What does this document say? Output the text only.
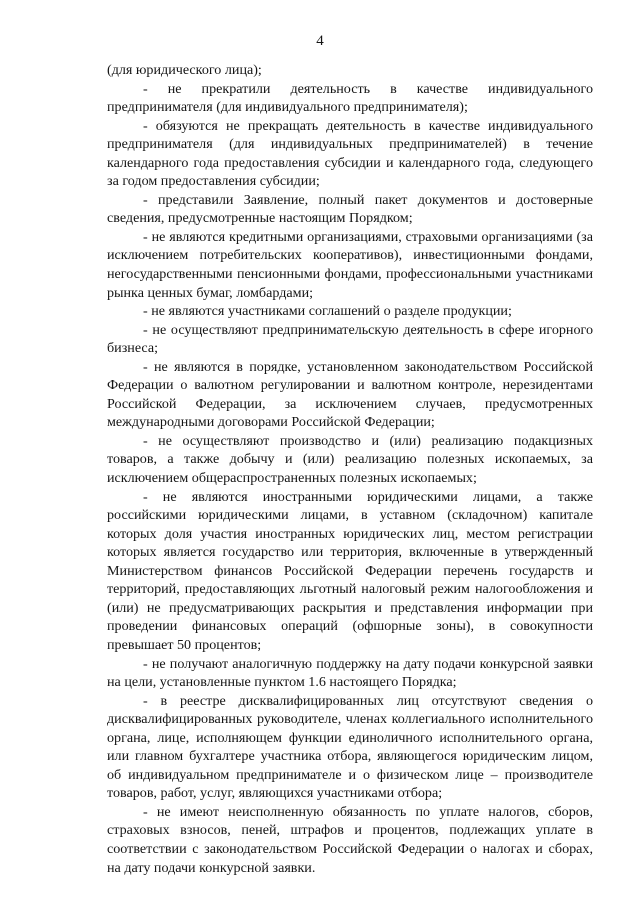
4

(для юридического лица);

- не прекратили деятельность в качестве индивидуального предпринимателя (для индивидуального предпринимателя);

- обязуются не прекращать деятельность в качестве индивидуального предпринимателя (для индивидуальных предпринимателей) в течение календарного года предоставления субсидии и календарного года, следующего за годом предоставления субсидии;

- представили Заявление, полный пакет документов и достоверные сведения, предусмотренные настоящим Порядком;

- не являются кредитными организациями, страховыми организациями (за исключением потребительских кооперативов), инвестиционными фондами, негосударственными пенсионными фондами, профессиональными участниками рынка ценных бумаг, ломбардами;

- не являются участниками соглашений о разделе продукции;

- не осуществляют предпринимательскую деятельность в сфере игорного бизнеса;

- не являются в порядке, установленном законодательством Российской Федерации о валютном регулировании и валютном контроле, нерезидентами Российской Федерации, за исключением случаев, предусмотренных международными договорами Российской Федерации;

- не осуществляют производство и (или) реализацию подакцизных товаров, а также добычу и (или) реализацию полезных ископаемых, за исключением общераспространенных полезных ископаемых;

- не являются иностранными юридическими лицами, а также российскими юридическими лицами, в уставном (складочном) капитале которых доля участия иностранных юридических лиц, местом регистрации которых является государство или территория, включенные в утвержденный Министерством финансов Российской Федерации перечень государств и территорий, предоставляющих льготный налоговый режим налогообложения и (или) не предусматривающих раскрытия и представления информации при проведении финансовых операций (офшорные зоны), в совокупности превышает 50 процентов;

- не получают аналогичную поддержку на дату подачи конкурсной заявки на цели, установленные пунктом 1.6 настоящего Порядка;

- в реестре дисквалифицированных лиц отсутствуют сведения о дисквалифицированных руководителе, членах коллегиального исполнительного органа, лице, исполняющем функции единоличного исполнительного органа, или главном бухгалтере участника отбора, являющегося юридическим лицом, об индивидуальном предпринимателе и о физическом лице – производителе товаров, работ, услуг, являющихся участниками отбора;

- не имеют неисполненную обязанность по уплате налогов, сборов, страховых взносов, пеней, штрафов и процентов, подлежащих уплате в соответствии с законодательством Российской Федерации о налогах и сборах, на дату подачи конкурсной заявки.
